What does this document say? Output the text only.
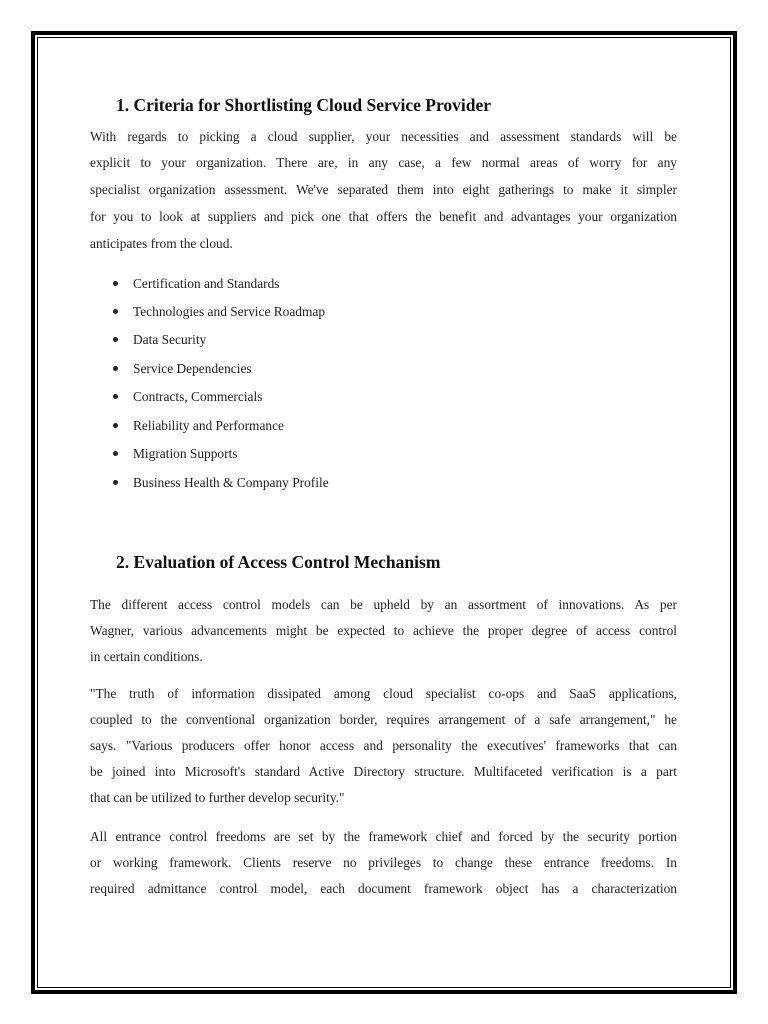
1. Criteria for Shortlisting Cloud Service Provider
With regards to picking a cloud supplier, your necessities and assessment standards will be
explicit to your organization. There are, in any case, a few normal areas of worry for any
specialist organization assessment. We've separated them into eight gatherings to make it simpler
for you to look at suppliers and pick one that offers the benefit and advantages your organization
anticipates from the cloud.
Certification and Standards
Technologies and Service Roadmap
Data Security
Service Dependencies
Contracts, Commercials
Reliability and Performance
Migration Supports
Business Health & Company Profile
2. Evaluation of Access Control Mechanism
The different access control models can be upheld by an assortment of innovations. As per
Wagner, various advancements might be expected to achieve the proper degree of access control
in certain conditions.
"The truth of information dissipated among cloud specialist co-ops and SaaS applications,
coupled to the conventional organization border, requires arrangement of a safe arrangement," he
says. "Various producers offer honor access and personality the executives' frameworks that can
be joined into Microsoft's standard Active Directory structure. Multifaceted verification is a part
that can be utilized to further develop security."
All entrance control freedoms are set by the framework chief and forced by the security portion
or working framework. Clients reserve no privileges to change these entrance freedoms. In
required admittance control model, each document framework object has a characterization
